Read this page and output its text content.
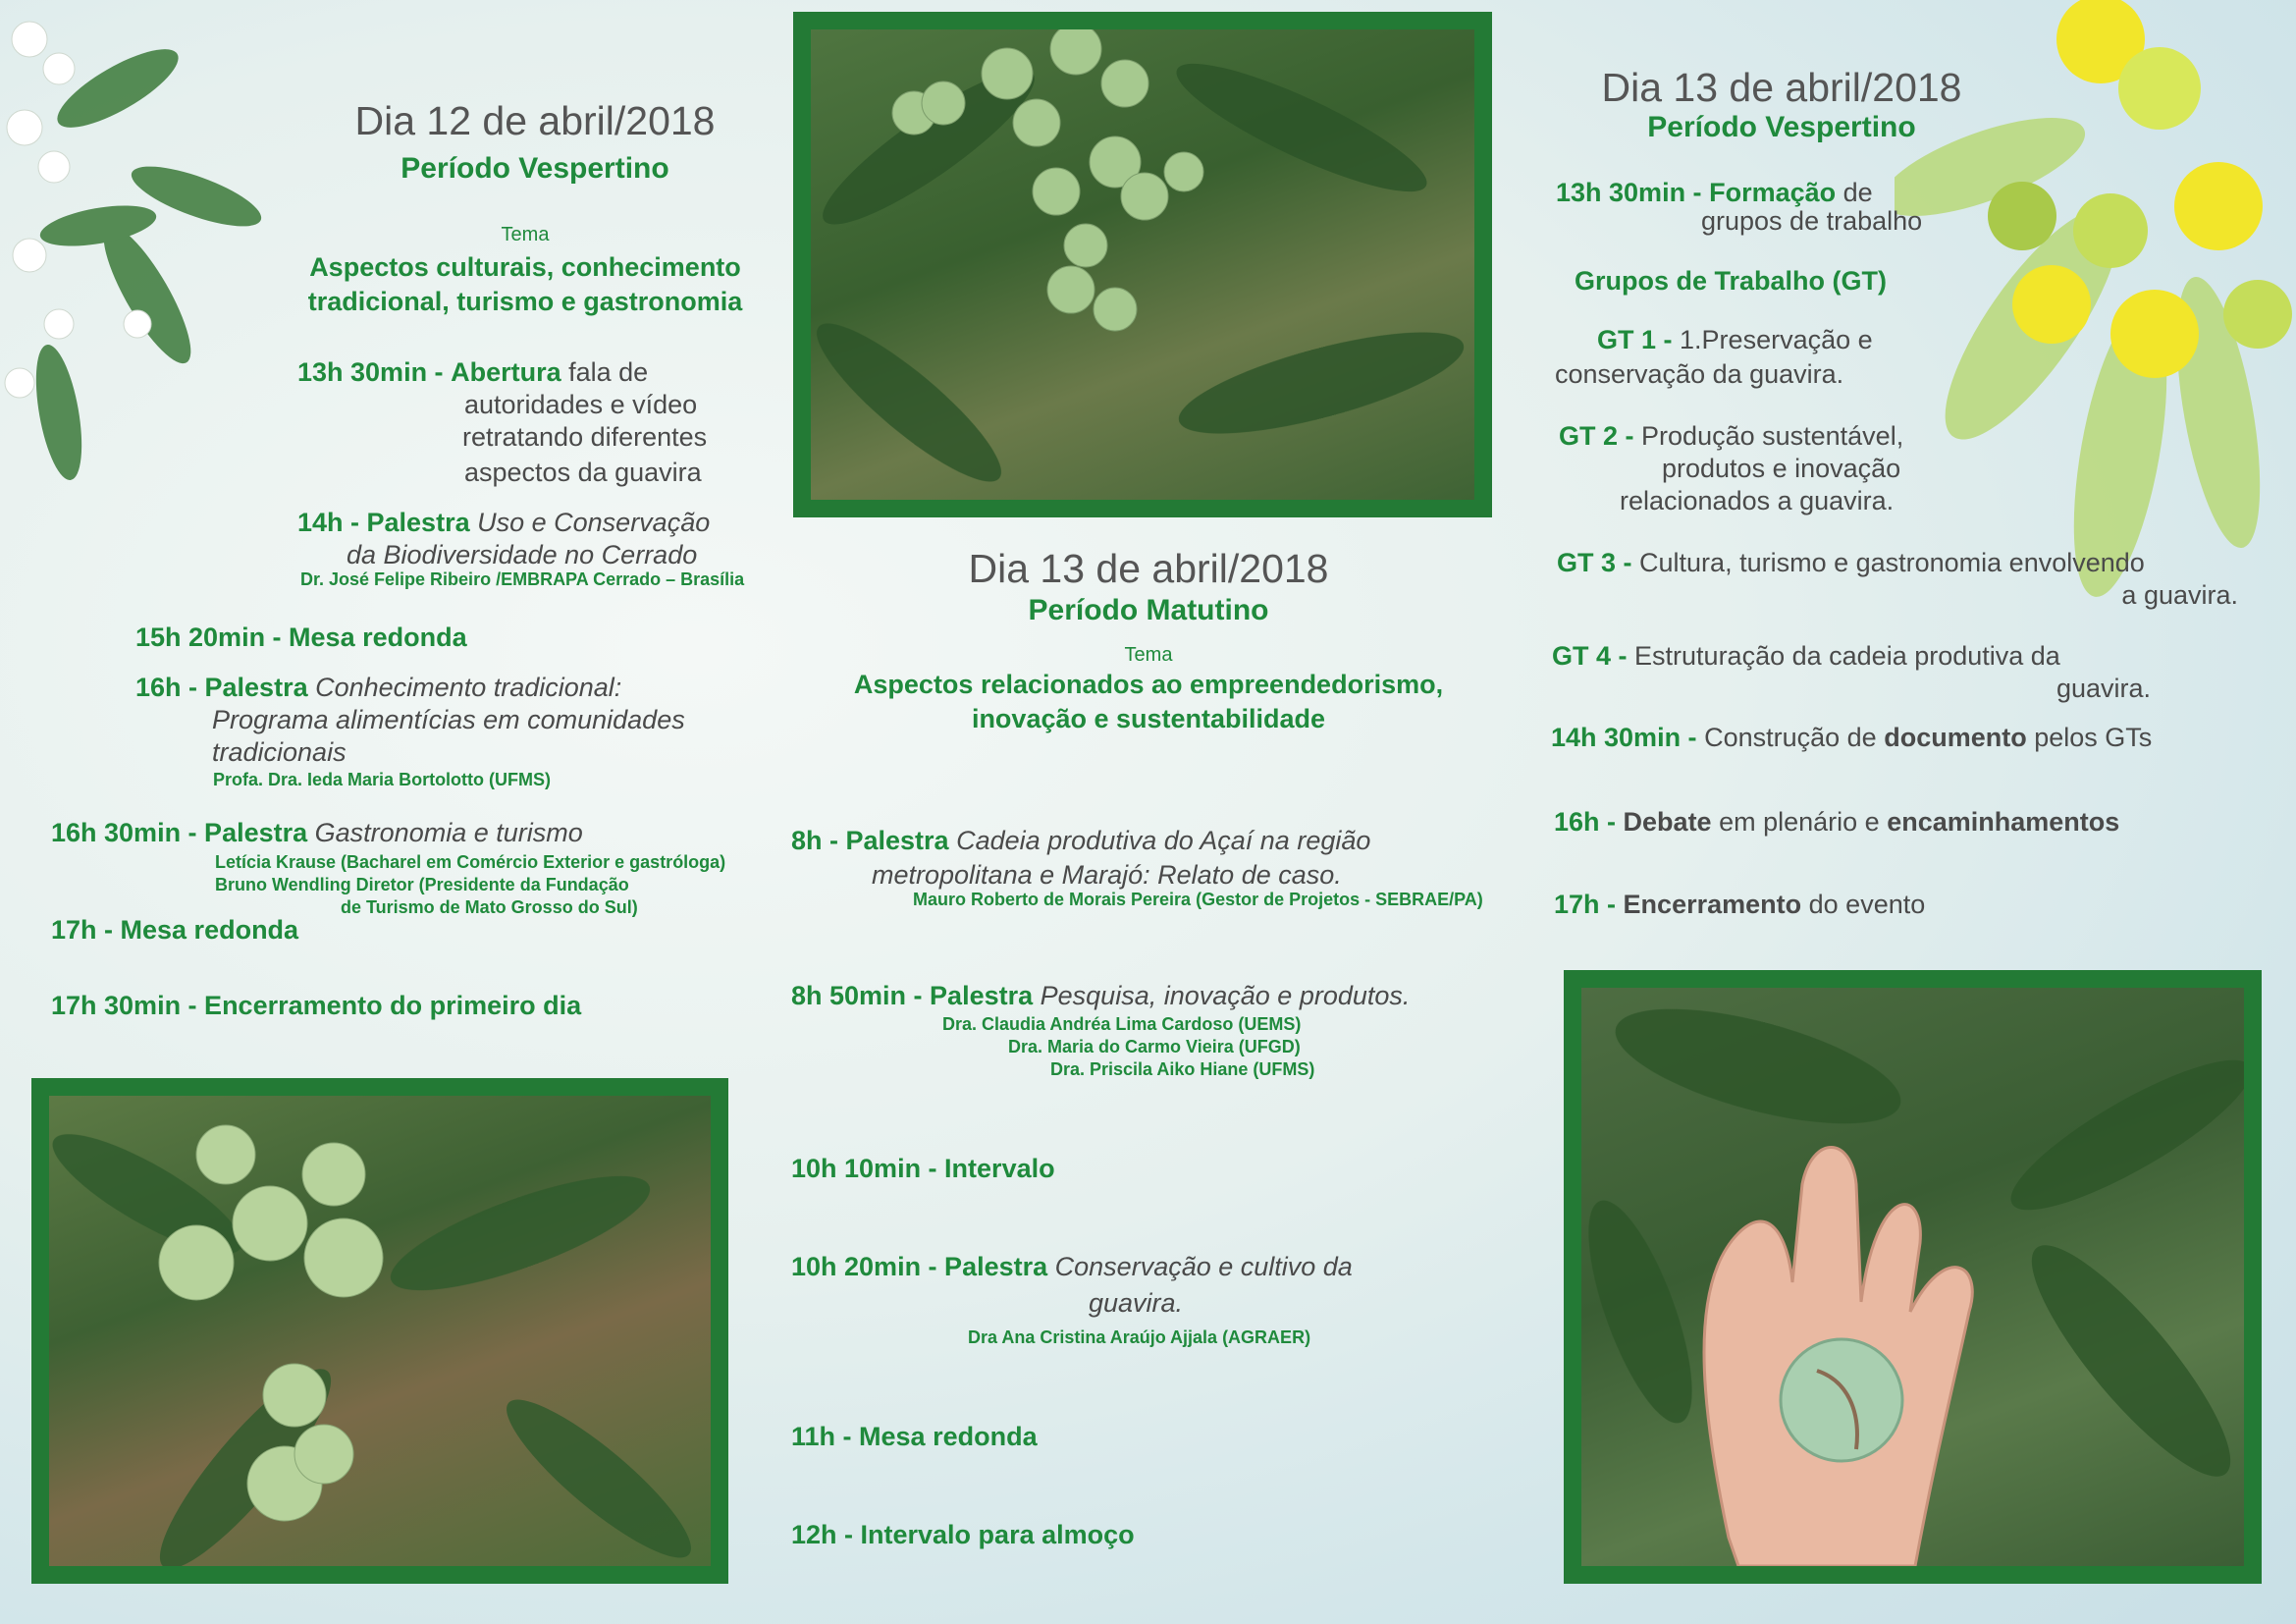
Dia 12 de abril/2018
Período Vespertino
Tema
Aspectos culturais, conhecimento
tradicional, turismo e gastronomia
13h 30min - Abertura fala de
autoridades e vídeo
retratando diferentes
aspectos da guavira
14h - Palestra Uso e Conservação
da Biodiversidade no Cerrado
Dr. José Felipe Ribeiro /EMBRAPA Cerrado – Brasília
15h 20min - Mesa redonda
16h - Palestra Conhecimento tradicional:
Programa alimentícias em comunidades
tradicionais
Profa. Dra. Ieda Maria Bortolotto (UFMS)
16h 30min - Palestra Gastronomia e turismo
Letícia Krause (Bacharel em Comércio Exterior e gastróloga)
Bruno Wendling Diretor (Presidente da Fundação
de Turismo de Mato Grosso do Sul)
17h - Mesa redonda
17h 30min - Encerramento do primeiro dia
Dia 13 de abril/2018
Período Matutino
Tema
Aspectos relacionados ao empreendedorismo,
inovação e sustentabilidade
8h - Palestra Cadeia produtiva do Açaí na região
metropolitana e Marajó: Relato de caso.
Mauro Roberto de Morais Pereira (Gestor de Projetos - SEBRAE/PA)
8h 50min - Palestra Pesquisa, inovação e produtos.
Dra. Claudia Andréa Lima Cardoso (UEMS)
Dra. Maria do Carmo Vieira (UFGD)
Dra. Priscila Aiko Hiane (UFMS)
10h 10min - Intervalo
10h 20min - Palestra Conservação e cultivo da
guavira.
Dra Ana Cristina Araújo Ajjala (AGRAER)
11h - Mesa redonda
12h - Intervalo para almoço
Dia 13 de abril/2018
Período Vespertino
13h 30min - Formação de
grupos de trabalho
Grupos de Trabalho (GT)
GT 1 - 1.Preservação e
conservação da guavira.
GT 2 - Produção sustentável,
produtos e inovação
relacionados a guavira.
GT 3 - Cultura, turismo e gastronomia envolvendo
a guavira.
GT 4 - Estruturação da cadeia produtiva da
guavira.
14h 30min - Construção de documento pelos GTs
16h - Debate em plenário e encaminhamentos
17h - Encerramento do evento
